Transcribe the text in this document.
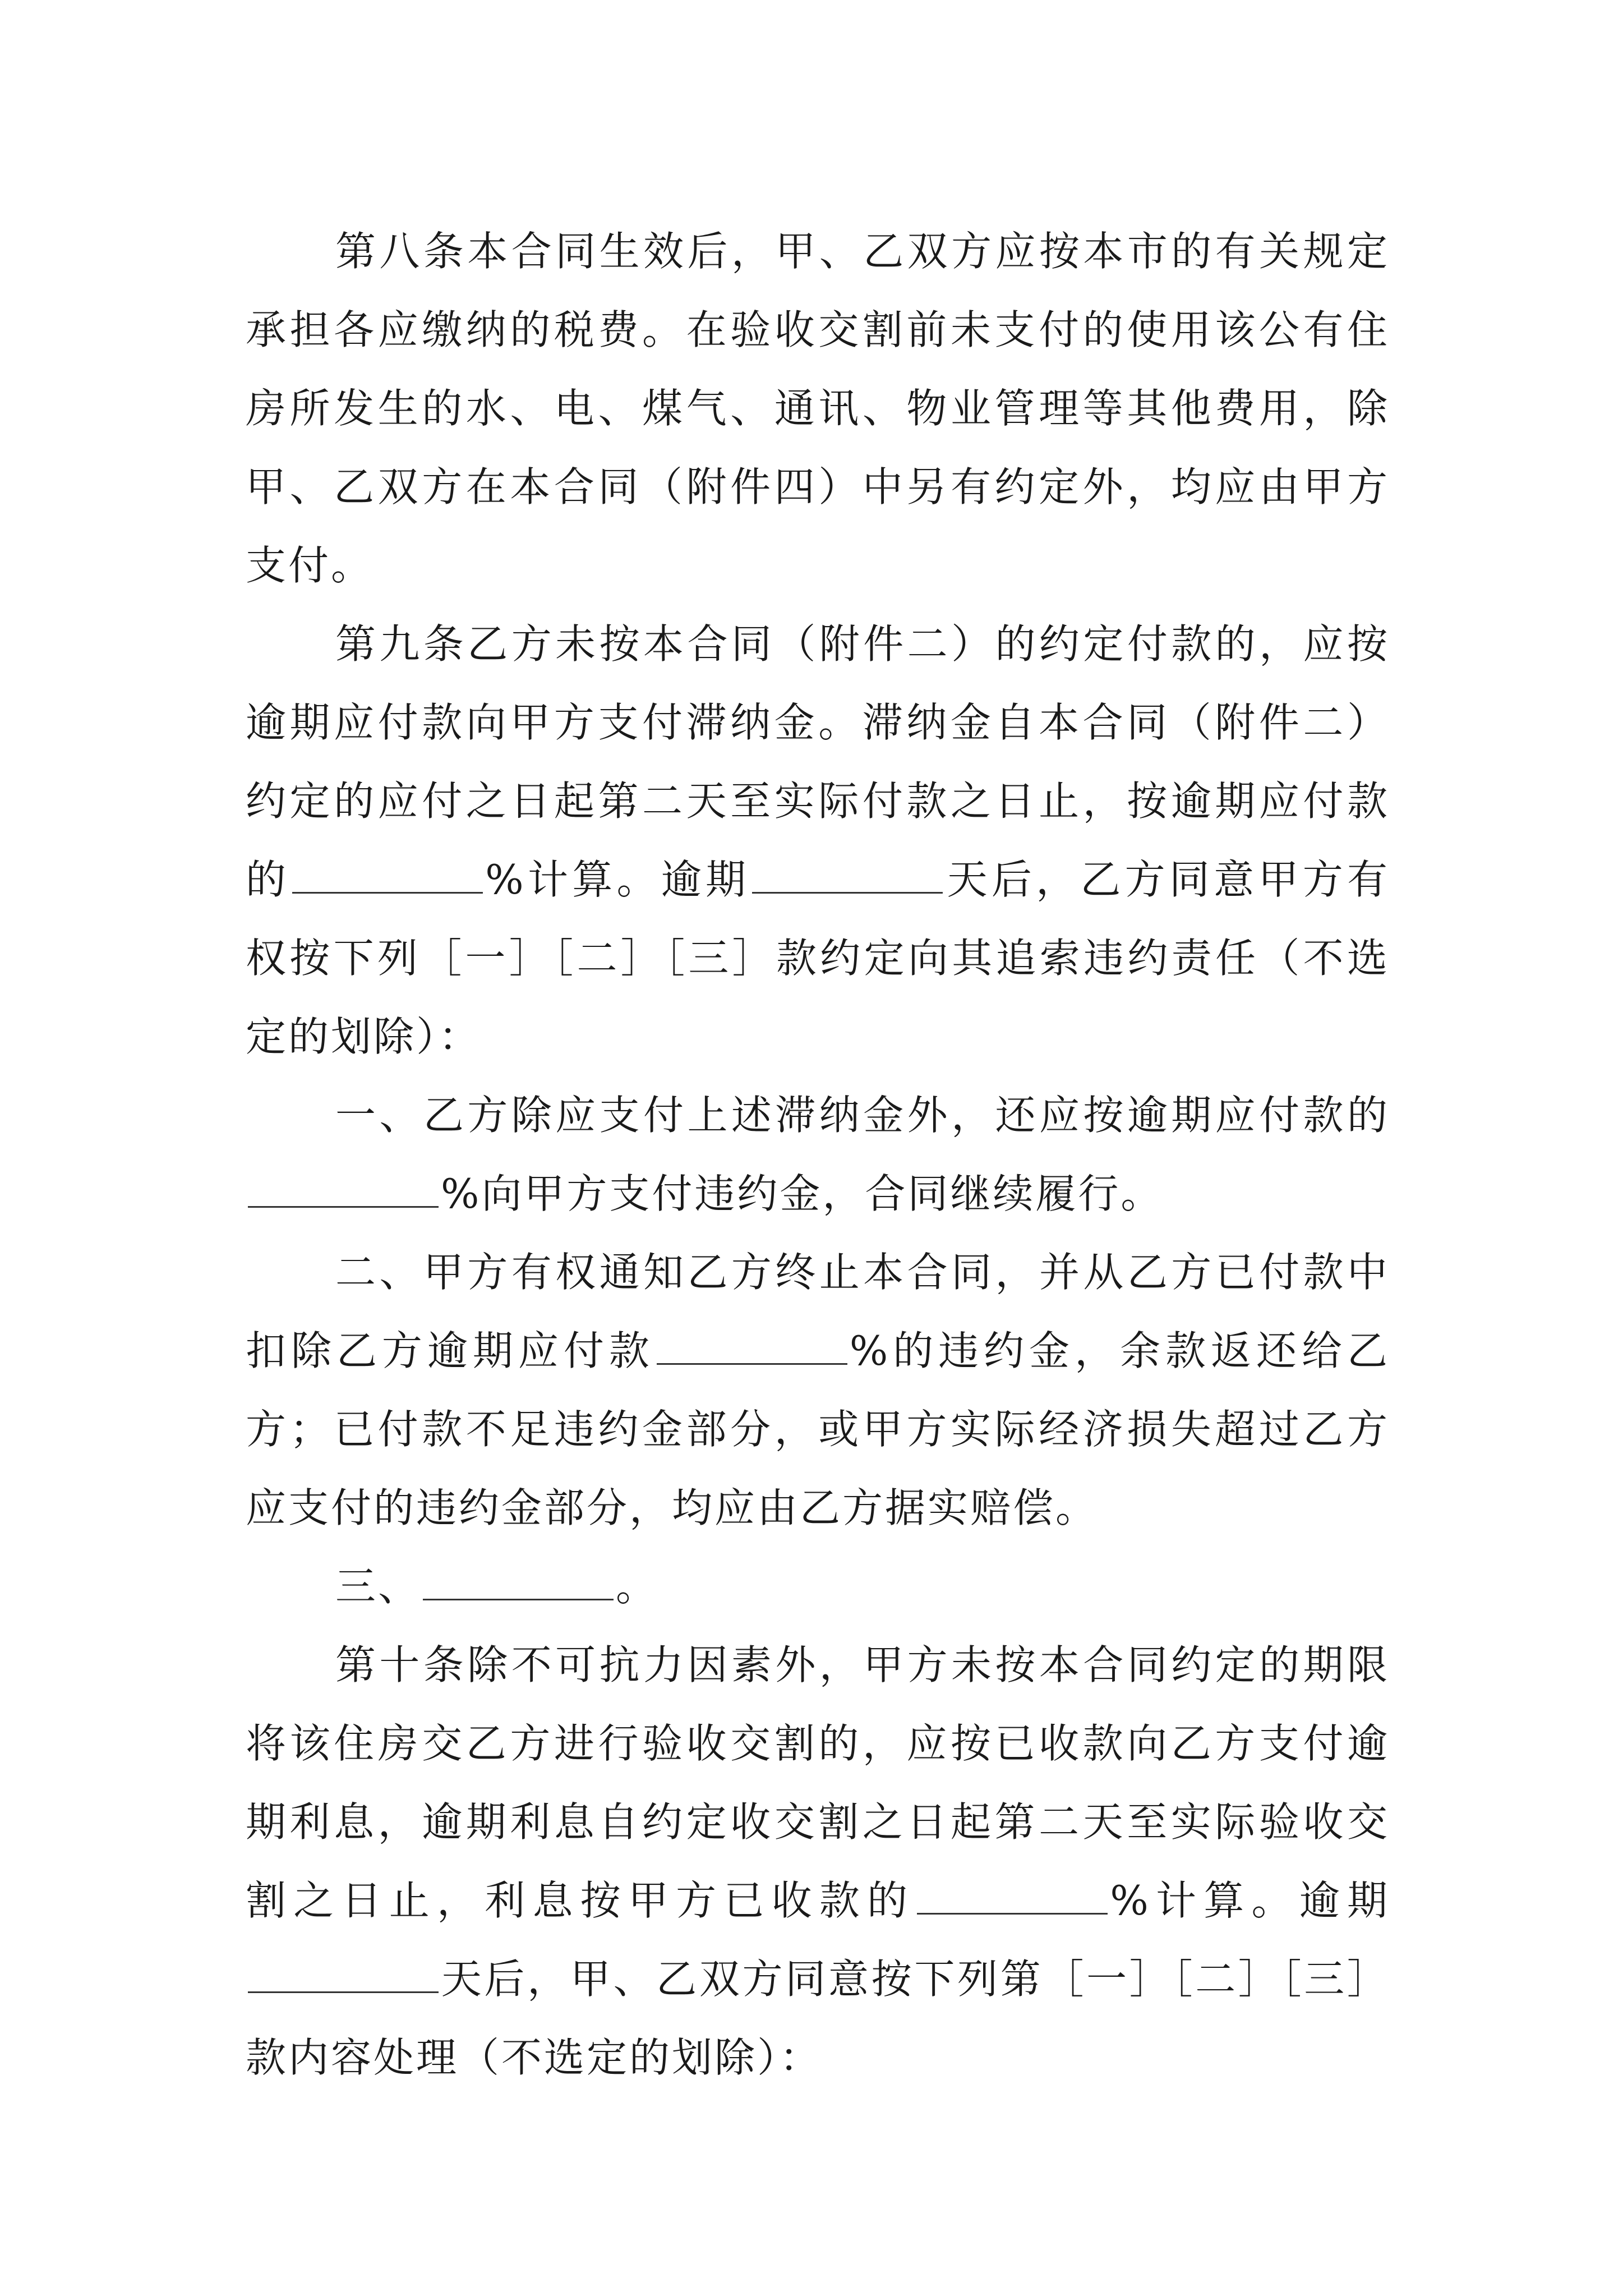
第八条本合同生效后，甲、乙双方应按本市的有关规定承担各应缴纳的税费。在验收交割前未支付的使用该公有住房所发生的水、电、煤气、通讯、物业管理等其他费用，除甲、乙双方在本合同（附件四）中另有约定外，均应由甲方支付。

第九条乙方未按本合同（附件二）的约定付款的，应按逾期应付款向甲方支付滞纳金。滞纳金自本合同（附件二）约定的应付之日起第二天至实际付款之日止，按逾期应付款的	%计算。逾期	天后，乙方同意甲方有权按下列［一］［二］［三］款约定向其追索违约责任（不选定的划除）：

一、乙方除应支付上述滞纳金外，还应按逾期应付款的%向甲方支付违约金，合同继续履行。

二、甲方有权通知乙方终止本合同，并从乙方已付款中扣除乙方逾期应付款	%的违约金，余款返还给乙方；已付款不足违约金部分，或甲方实际经济损失超过乙方应支付的违约金部分，均应由乙方据实赔偿。

三、	。

第十条除不可抗力因素外，甲方未按本合同约定的期限将该住房交乙方进行验收交割的，应按已收款向乙方支付逾期利息，逾期利息自约定收交割之日起第二天至实际验收交割之日止，利息按甲方已收款的	%计算。逾期天后，甲、乙双方同意按下列第［一］［二］［三］款内容处理（不选定的划除）：
